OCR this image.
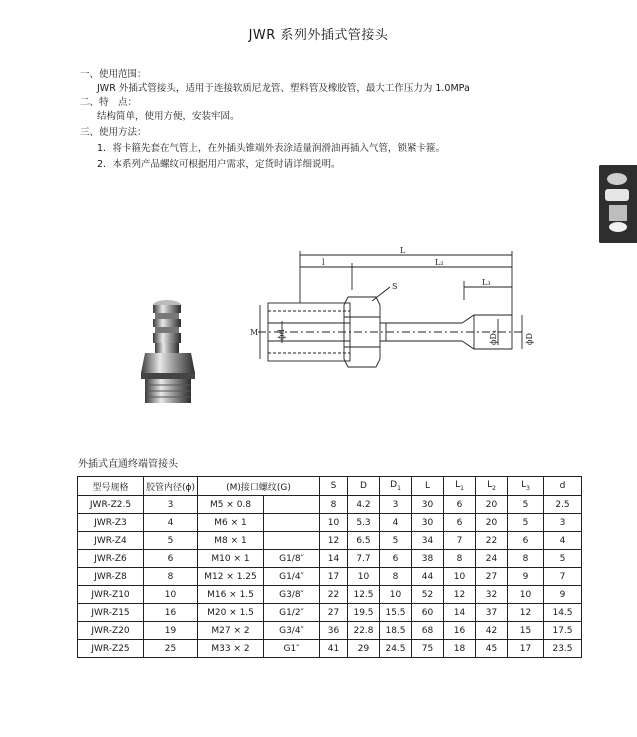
JWR 系列外插式管接头
一、使用范围：
JWR 外插式管接头，适用于连接软质尼龙管、塑料管及橡胶管，最大工作压力为 1.0MPa
二、特　点：
结构简单，使用方便，安装牢固。
三、使用方法：
1．将卡箍先套在气管上，在外插头锥端外表涂适量润滑油再插入气管，锁紧卡箍。
2．本系列产品螺纹可根据用户需求，定货时请详细说明。
l
L
L₂
L₃
S
M ϕd	ϕD₁	ϕD
外插式直通终端管接头
型号规格	胶管内径(ϕ)	(M)接口螺纹(G)		S	D	$D_1$	L	$L_1$	$L_2$	$L_3$	d
JWR-Z2.5	3	M5 × 0.8		8	4.2	3	30	6	20	5	2.5
JWR-Z3	4	M6 × 1		10	5.3	4	30	6	20	5	3
JWR-Z4	5	M8 × 1		12	6.5	5	34	7	22	6	4
JWR-Z6	6	M10 × 1	G1/8″	14	7.7	6	38	8	24	8	5
JWR-Z8	8	M12 × 1.25	G1/4″	17	10	8	44	10	27	9	7
JWR-Z10	10	M16 × 1.5	G3/8″	22	12.5	10	52	12	32	10	9
JWR-Z15	16	M20 × 1.5	G1/2″	27	19.5	15.5	60	14	37	12	14.5
JWR-Z20	19	M27 × 2	G3/4″	36	22.8	18.5	68	16	42	15	17.5
JWR-Z25	25	M33 × 2	G1″	41	29	24.5	75	18	45	17	23.5
